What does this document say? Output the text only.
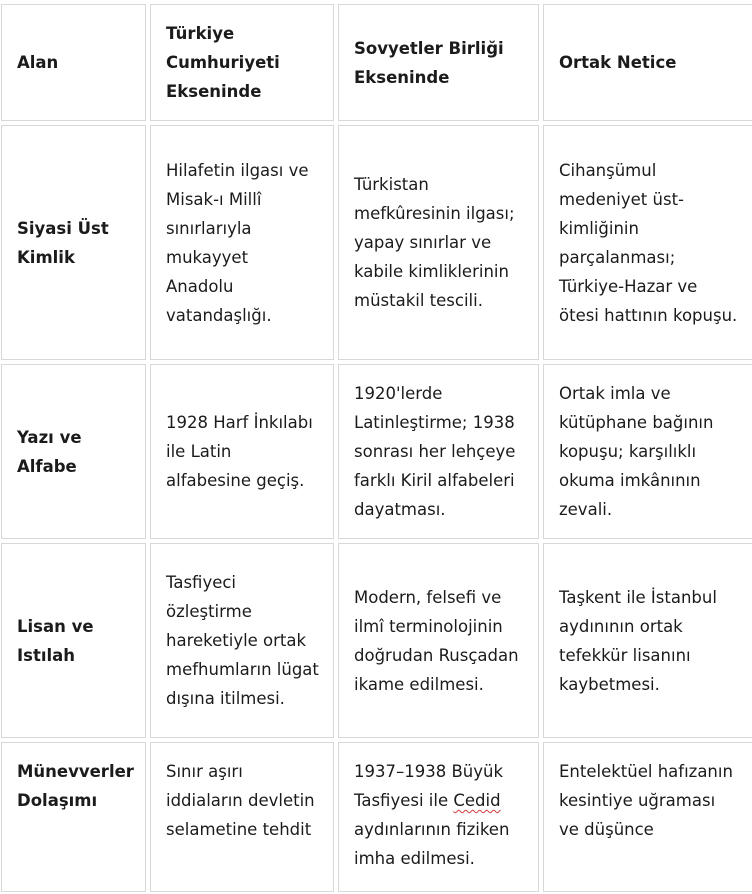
Alan	Türkiye Cumhuriyeti Ekseninde	Sovyetler Birliği Ekseninde	Ortak Netice
Siyasi Üst Kimlik	Hilafetin ilgası ve Misak-ı Millî sınırlarıyla mukayyet Anadolu vatandaşlığı.	Türkistan mefkûresinin ilgası; yapay sınırlar ve kabile kimliklerinin müstakil tescili.	Cihanşümul medeniyet üst-kimliğinin parçalanması; Türkiye-Hazar ve ötesi hattının kopuşu.
Yazı ve Alfabe	1928 Harf İnkılabı ile Latin alfabesine geçiş.	1920'lerde Latinleştirme; 1938 sonrası her lehçeye farklı Kiril alfabeleri dayatması.	Ortak imla ve kütüphane bağının kopuşu; karşılıklı okuma imkânının zevali.
Lisan ve Istılah	Tasfiyeci özleştirme hareketiyle ortak mefhumların lügat dışına itilmesi.	Modern, felsefi ve ilmî terminolojinin doğrudan Rusçadan ikame edilmesi.	Taşkent ile İstanbul aydınının ortak tefekkür lisanını kaybetmesi.
Münevverler Dolaşımı	Sınır aşırı iddiaların devletin selametine tehdit	1937–1938 Büyük Tasfiyesi ile Cedid aydınlarının fiziken imha edilmesi.	Entelektüel hafızanın kesintiye uğraması ve düşünce
